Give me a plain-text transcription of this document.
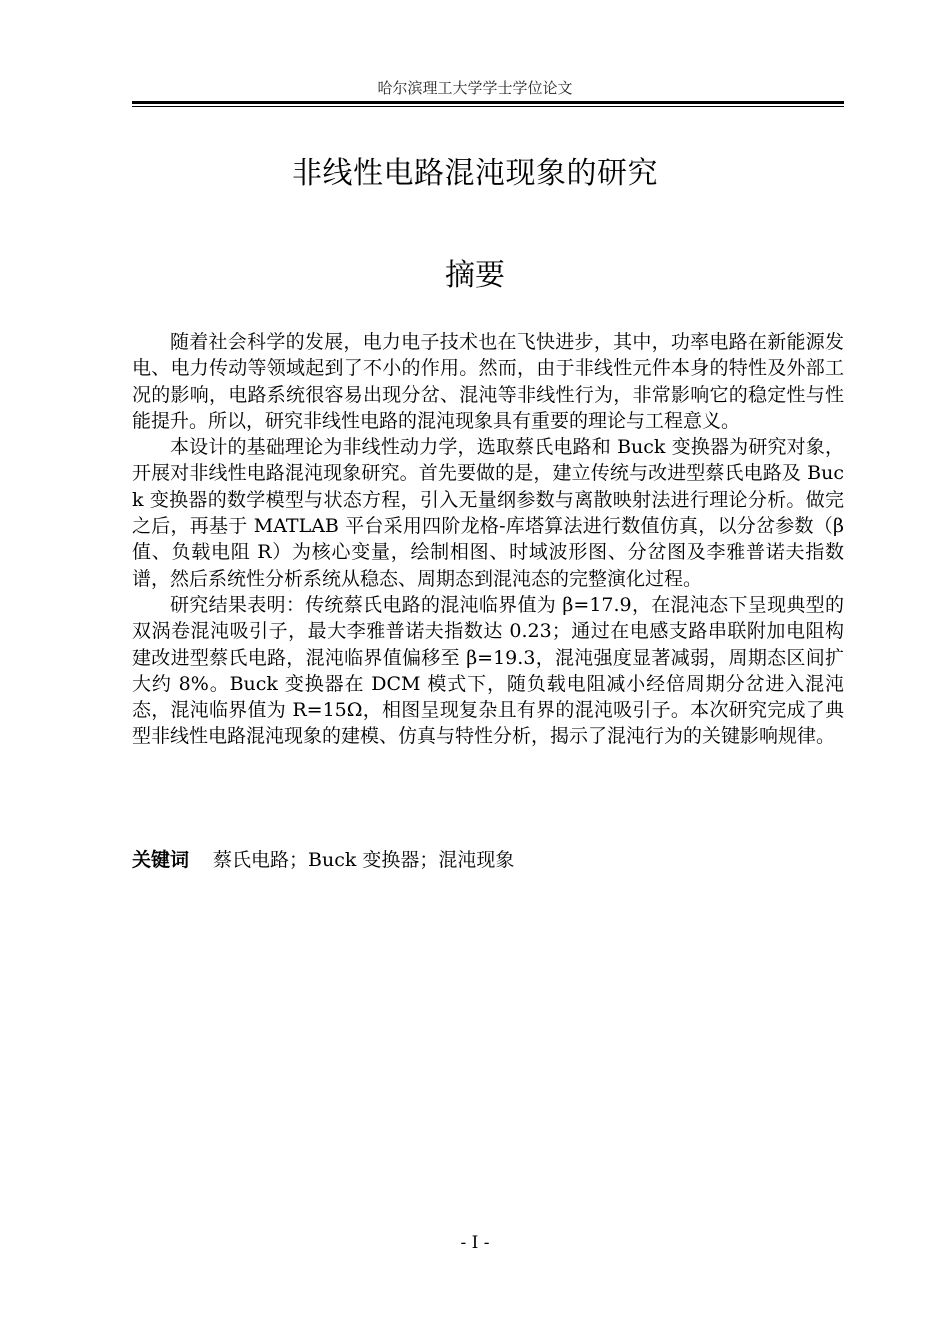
哈尔滨理工大学学士学位论文
非线性电路混沌现象的研究
摘要

随着社会科学的发展，电力电子技术也在飞快进步，其中，功率电路在新能源发电、电力传动等领域起到了不小的作用。然而，由于非线性元件本身的特性及外部工况的影响，电路系统很容易出现分岔、混沌等非线性行为，非常影响它的稳定性与性能提升。所以，研究非线性电路的混沌现象具有重要的理论与工程意义。

本设计的基础理论为非线性动力学，选取蔡氏电路和 Buck 变换器为研究对象，开展对非线性电路混沌现象研究。首先要做的是，建立传统与改进型蔡氏电路及 Buck 变换器的数学模型与状态方程，引入无量纲参数与离散映射法进行理论分析。做完之后，再基于 MATLAB 平台采用四阶龙格-库塔算法进行数值仿真，以分岔参数（β 值、负载电阻 R）为核心变量，绘制相图、时域波形图、分岔图及李雅普诺夫指数谱，然后系统性分析系统从稳态、周期态到混沌态的完整演化过程。

研究结果表明：传统蔡氏电路的混沌临界值为 β=17.9，在混沌态下呈现典型的双涡卷混沌吸引子，最大李雅普诺夫指数达 0.23；通过在电感支路串联附加电阻构建改进型蔡氏电路，混沌临界值偏移至 β=19.3，混沌强度显著减弱，周期态区间扩大约 8%。Buck 变换器在 DCM 模式下，随负载电阻减小经倍周期分岔进入混沌态，混沌临界值为 R=15Ω，相图呈现复杂且有界的混沌吸引子。本次研究完成了典型非线性电路混沌现象的建模、仿真与特性分析，揭示了混沌行为的关键影响规律。

关键词 蔡氏电路；Buck 变换器；混沌现象
- I -
